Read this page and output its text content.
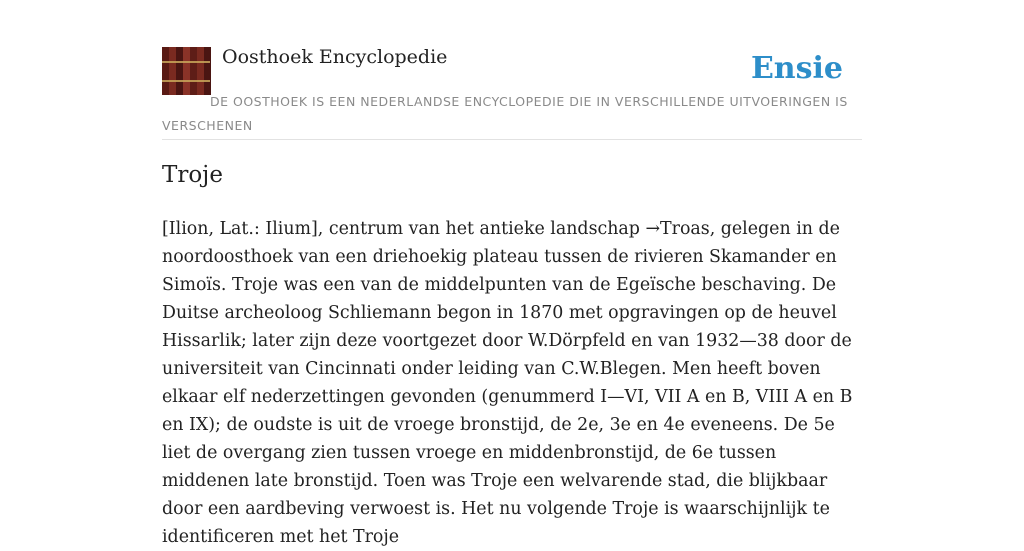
Oosthoek Encyclopedie	Ensie
DE OOSTHOEK IS EEN NEDERLANDSE ENCYCLOPEDIE DIE IN VERSCHILLENDE UITVOERINGEN IS VERSCHENEN
Troje

[Ilion, Lat.: Ilium], centrum van het antieke landschap →Troas, gelegen in de noordoosthoek van een driehoekig plateau tussen de rivieren Skamander en Simoïs. Troje was een van de middelpunten van de Egeïsche beschaving. De Duitse archeoloog Schliemann begon in 1870 met opgravingen op de heuvel Hissarlik; later zijn deze voortgezet door W.Dörpfeld en van 1932—38 door de universiteit van Cincinnati onder leiding van C.W.Blegen. Men heeft boven elkaar elf nederzettingen gevonden (genummerd I—VI, VII A en B, VIII A en B en IX); de oudste is uit de vroege bronstijd, de 2e, 3e en 4e eveneens. De 5e liet de overgang zien tussen vroege en middenbronstijd, de 6e tussen middenen late bronstijd. Toen was Troje een welvarende stad, die blijkbaar door een aardbeving verwoest is. Het nu volgende Troje is waarschijnlijk te identificeren met het Troje
